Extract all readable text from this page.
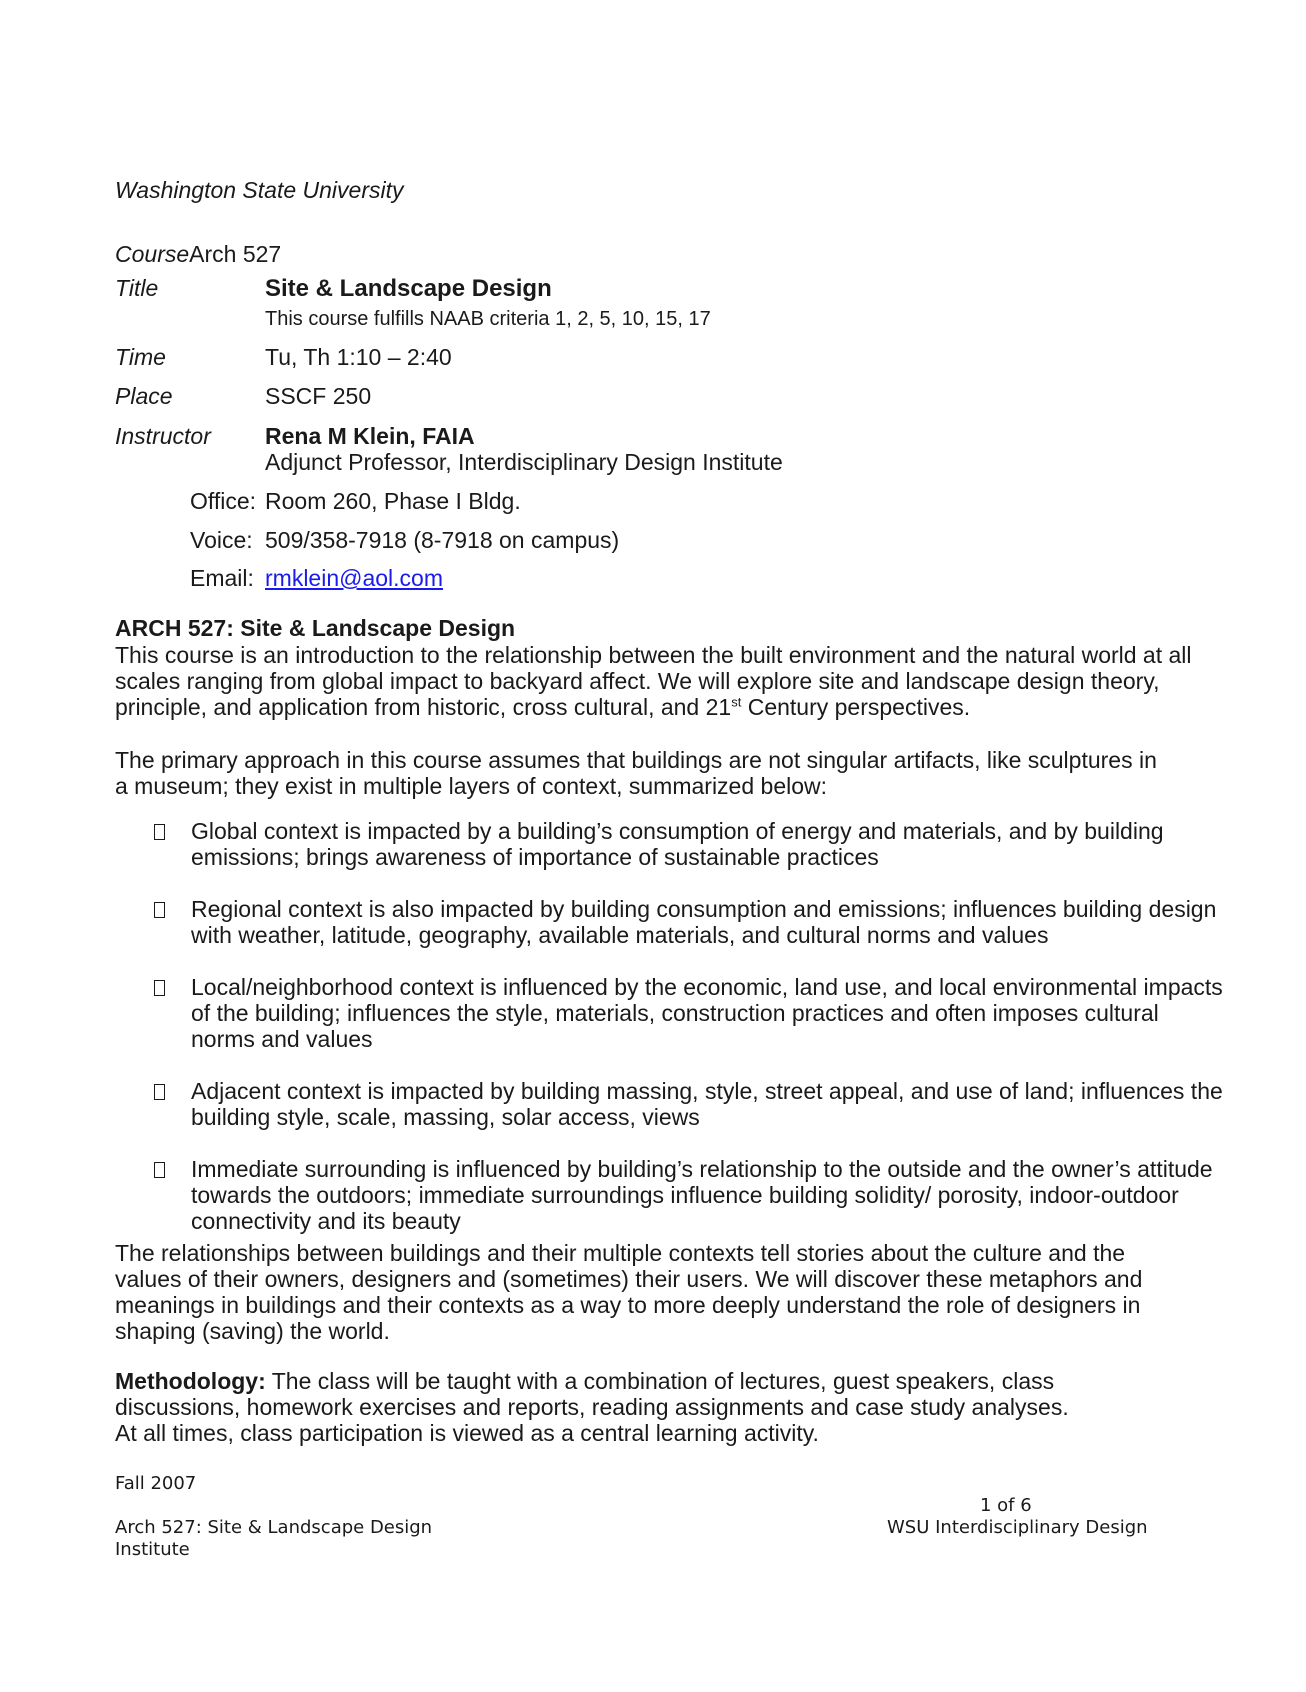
Washington State University
CourseArch 527
Title	Site & Landscape Design
This course fulfills NAAB criteria 1, 2, 5, 10, 15, 17
Time	Tu, Th 1:10 – 2:40
Place	SSCF 250
Instructor Rena M Klein, FAIA
Adjunct Professor, Interdisciplinary Design Institute
Office: Room 260, Phase I Bldg.
Voice: 509/358-7918 (8-7918 on campus)
Email: rmklein@aol.com
ARCH 527: Site & Landscape Design
This course is an introduction to the relationship between the built environment and the natural world at all scales ranging from global impact to backyard affect. We will explore site and landscape design theory, principle, and application from historic, cross cultural, and 21st Century perspectives.
The primary approach in this course assumes that buildings are not singular artifacts, like sculptures in a museum; they exist in multiple layers of context, summarized below:
Global context is impacted by a building’s consumption of energy and materials, and by building emissions; brings awareness of importance of sustainable practices
Regional context is also impacted by building consumption and emissions; influences building design with weather, latitude, geography, available materials, and cultural norms and values
Local/neighborhood context is influenced by the economic, land use, and local environmental impacts of the building; influences the style, materials, construction practices and often imposes cultural norms and values
Adjacent context is impacted by building massing, style, street appeal, and use of land; influences the building style, scale, massing, solar access, views
Immediate surrounding is influenced by building’s relationship to the outside and the owner’s attitude towards the outdoors; immediate surroundings influence building solidity/ porosity, indoor-outdoor connectivity and its beauty
The relationships between buildings and their multiple contexts tell stories about the culture and the values of their owners, designers and (sometimes) their users. We will discover these metaphors and meanings in buildings and their contexts as a way to more deeply understand the role of designers in shaping (saving) the world.
Methodology: The class will be taught with a combination of lectures, guest speakers, class discussions, homework exercises and reports, reading assignments and case study analyses.
At all times, class participation is viewed as a central learning activity.
Fall 2007
1 of 6
Arch 527: Site & Landscape Design	WSU Interdisciplinary Design
Institute
